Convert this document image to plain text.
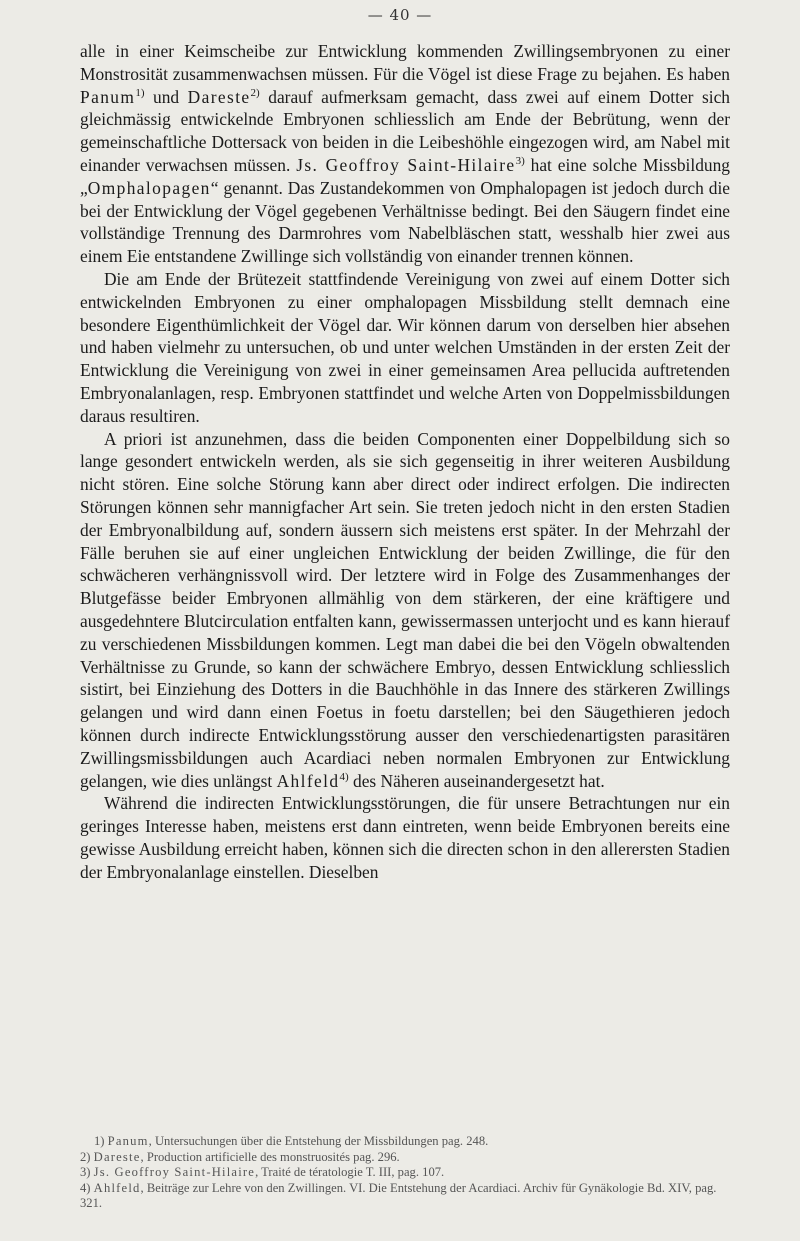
— 40 —

alle in einer Keimscheibe zur Entwicklung kommenden Zwillingsembryonen zu einer Monstrosität zusammenwachsen müssen. Für die Vögel ist diese Frage zu bejahen. Es haben Panum$^{1)}$ und Dareste$^{2)}$ darauf aufmerksam gemacht, dass zwei auf einem Dotter sich gleichmässig entwickelnde Embryonen schliesslich am Ende der Bebrütung, wenn der gemeinschaftliche Dottersack von beiden in die Leibeshöhle eingezogen wird, am Nabel mit einander verwachsen müssen. Js. Geoffroy Saint-Hilaire$^{3)}$ hat eine solche Missbildung „Omphalopagen“ genannt. Das Zustandekommen von Omphalopagen ist jedoch durch die bei der Entwicklung der Vögel gegebenen Verhältnisse bedingt. Bei den Säugern findet eine vollständige Trennung des Darmrohres vom Nabelbläschen statt, wesshalb hier zwei aus einem Eie entstandene Zwillinge sich vollständig von einander trennen können.

Die am Ende der Brütezeit stattfindende Vereinigung von zwei auf einem Dotter sich entwickelnden Embryonen zu einer omphalopagen Missbildung stellt demnach eine besondere Eigenthümlichkeit der Vögel dar. Wir können darum von derselben hier absehen und haben vielmehr zu untersuchen, ob und unter welchen Umständen in der ersten Zeit der Entwicklung die Vereinigung von zwei in einer gemeinsamen Area pellucida auftretenden Embryonalanlagen, resp. Embryonen stattfindet und welche Arten von Doppelmissbildungen daraus resultiren.

A priori ist anzunehmen, dass die beiden Componenten einer Doppelbildung sich so lange gesondert entwickeln werden, als sie sich gegenseitig in ihrer weiteren Ausbildung nicht stören. Eine solche Störung kann aber direct oder indirect erfolgen. Die indirecten Störungen können sehr mannigfacher Art sein. Sie treten jedoch nicht in den ersten Stadien der Embryonalbildung auf, sondern äussern sich meistens erst später. In der Mehrzahl der Fälle beruhen sie auf einer ungleichen Entwicklung der beiden Zwillinge, die für den schwächeren verhängnissvoll wird. Der letztere wird in Folge des Zusammenhanges der Blutgefässe beider Embryonen allmählig von dem stärkeren, der eine kräftigere und ausgedehntere Blutcirculation entfalten kann, gewissermassen unterjocht und es kann hierauf zu verschiedenen Missbildungen kommen. Legt man dabei die bei den Vögeln obwaltenden Verhältnisse zu Grunde, so kann der schwächere Embryo, dessen Entwicklung schliesslich sistirt, bei Einziehung des Dotters in die Bauchhöhle in das Innere des stärkeren Zwillings gelangen und wird dann einen Foetus in foetu darstellen; bei den Säugethieren jedoch können durch indirecte Entwicklungsstörung ausser den verschiedenartigsten parasitären Zwillingsmissbildungen auch Acardiaci neben normalen Embryonen zur Entwicklung gelangen, wie dies unlängst Ahlfeld$^{4)}$ des Näheren auseinandergesetzt hat.

Während die indirecten Entwicklungsstörungen, die für unsere Betrachtungen nur ein geringes Interesse haben, meistens erst dann eintreten, wenn beide Embryonen bereits eine gewisse Ausbildung erreicht haben, können sich die directen schon in den allerersten Stadien der Embryonalanlage einstellen. Dieselben

1) Panum, Untersuchungen über die Entstehung der Missbildungen pag. 248.

2) Dareste, Production artificielle des monstruosités pag. 296.

3) Js. Geoffroy Saint-Hilaire, Traité de tératologie T. III, pag. 107.

4) Ahlfeld, Beiträge zur Lehre von den Zwillingen. VI. Die Entstehung der Acardiaci. Archiv für Gynäkologie Bd. XIV, pag. 321.
